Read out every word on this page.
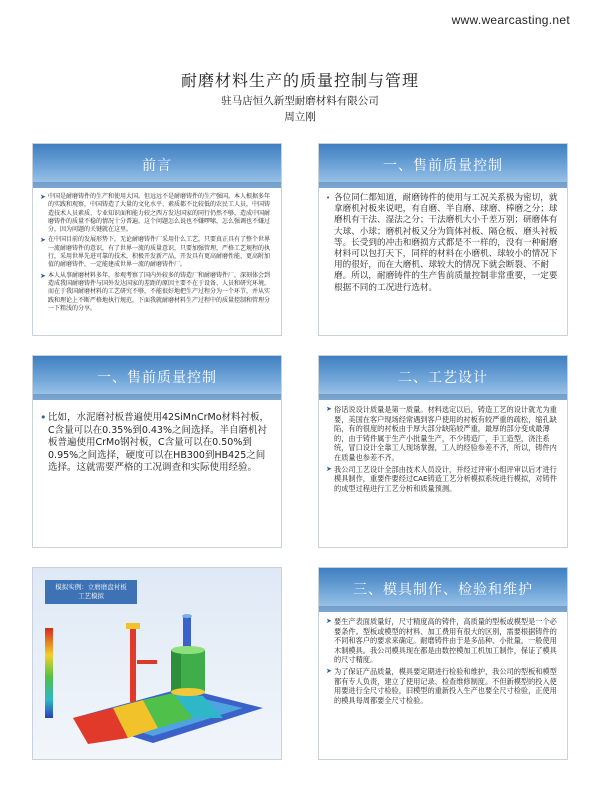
www.wearcasting.net
耐磨材料生产的质量控制与管理
驻马店恒久新型耐磨材料有限公司
周立刚
前言
➤ 中国是耐磨铸件的生产和使用大国。但远远不是耐磨铸件的生产强国。本人根据多年的实践和观察，中国铸造了大量的文化水平、素质都不比较低的农民工人员，中国铸造技术人员素质、专业知识面和能力较之西方发达国家的同行仍然不够，造成中国耐磨铸件的质量不稳的情况十分普遍，这个问题怎么说也不嫌啰嗦，怎么强调也不嫌过分，因为问题的关键就在这里。
➤ 在中国目前的发展形势下，无论耐磨铸件厂采用什么工艺，只要真正具有了整个世界一流耐磨铸件的意识，有了世界一流的质量意识，只要加强管理，严格工艺规程的执行，采用世界先进可靠的技术，积极开发新产品，开发具有更高耐磨性能、更高附加值的耐磨铸件，一定能建成世界一流的耐磨铸件厂。
➤ 本人从事耐磨材料多年，参观考察了国内外较多的铸造厂和耐磨铸件厂，深刻体会到造成我国耐磨铸件与国外发达国家的差距的原因主要不在于设备、人员和研究环境，而在于我国耐磨材料的工艺研究不够，不能很好地把生产过程分为一个环节，并从实践和理论上不断严格地执行规范，下面我就耐磨材料生产过程中的质量控制和管理分一下粗浅的分享。
一、售前质量控制
• 各位同仁都知道，耐磨铸件的使用与工况关系极为密切，就拿磨机衬板来说吧，有自磨、半自磨、球磨、棒磨之分；球磨机有干法、湿法之分；干法磨机大小千差万别；研磨体有大球、小球；磨机衬板又分为筒体衬板、隔仓板、磨头衬板等。长受到的冲击和磨损方式都是不一样的，没有一种耐磨材料可以包打天下，同样的材料在小磨机、球较小的情况下用的很好，而在大磨机、球较大的情况下就会断裂、不耐磨。所以，耐磨铸件的生产售前质量控制非常重要，一定要根据不同的工况进行选材。
一、售前质量控制
• 比如，水泥磨衬板普遍使用42SiMnCrMo材料衬板，C含量可以在0.35%到0.43%之间选择。半自磨机衬板普遍使用CrMo钢衬板，C含量可以在0.50%到0.95%之间选择，硬度可以在HB300到HB425之间选择。这就需要严格的工况调查和实际使用经验。
二、工艺设计
➤ 俗话说设计质量是第一质量。材料选定以后，铸造工艺的设计就尤为重要，美国在客户现场经常遇到客户使用的衬板有较严重的疏松，缩孔缺陷，有的很度的衬板由于厚大部分缺陷较严重，最厚的部分变成最薄的，由于铸件属于生产小批量生产，不少铸造厂，手工造型，浇注系统，冒口设计全靠工人现场掌握，工人的经验参差不齐，所以，铸件内在质量也参差不齐。
➤ 我公司工艺设计全部由技术人员设计，并经过评审小组评审以后才进行模具制作，重要件要经过CAE铸造工艺分析模拟系统进行模拟，对铸件的成型过程进行工艺分析和质量预测。
模拟实例：立磨磨盘衬板
工艺模拟	三、模具制作、检验和维护
➤ 要生产表面质量好，尺寸精度高的铸件，高质量的型板或模型是一个必要条件。型板或模型的材料、加工费用有很大的区别，需要根据铸件的不同和客户的要求来确定。耐磨铸件由于是多品种、小批量，一般使用木制模具。我公司模具现在都是由数控模加工机加工制作，保证了模具的尺寸精度。
➤ 为了保证产品质量，模具要定期进行检验和维护，我公司的型板和模型都有专人负责，建立了使用记录、检查维修制度。不但新模型的投入使用要进行全尺寸检验，旧模型的重新投入生产也要全尺寸检验，正使用的模具每周都要全尺寸检验。
